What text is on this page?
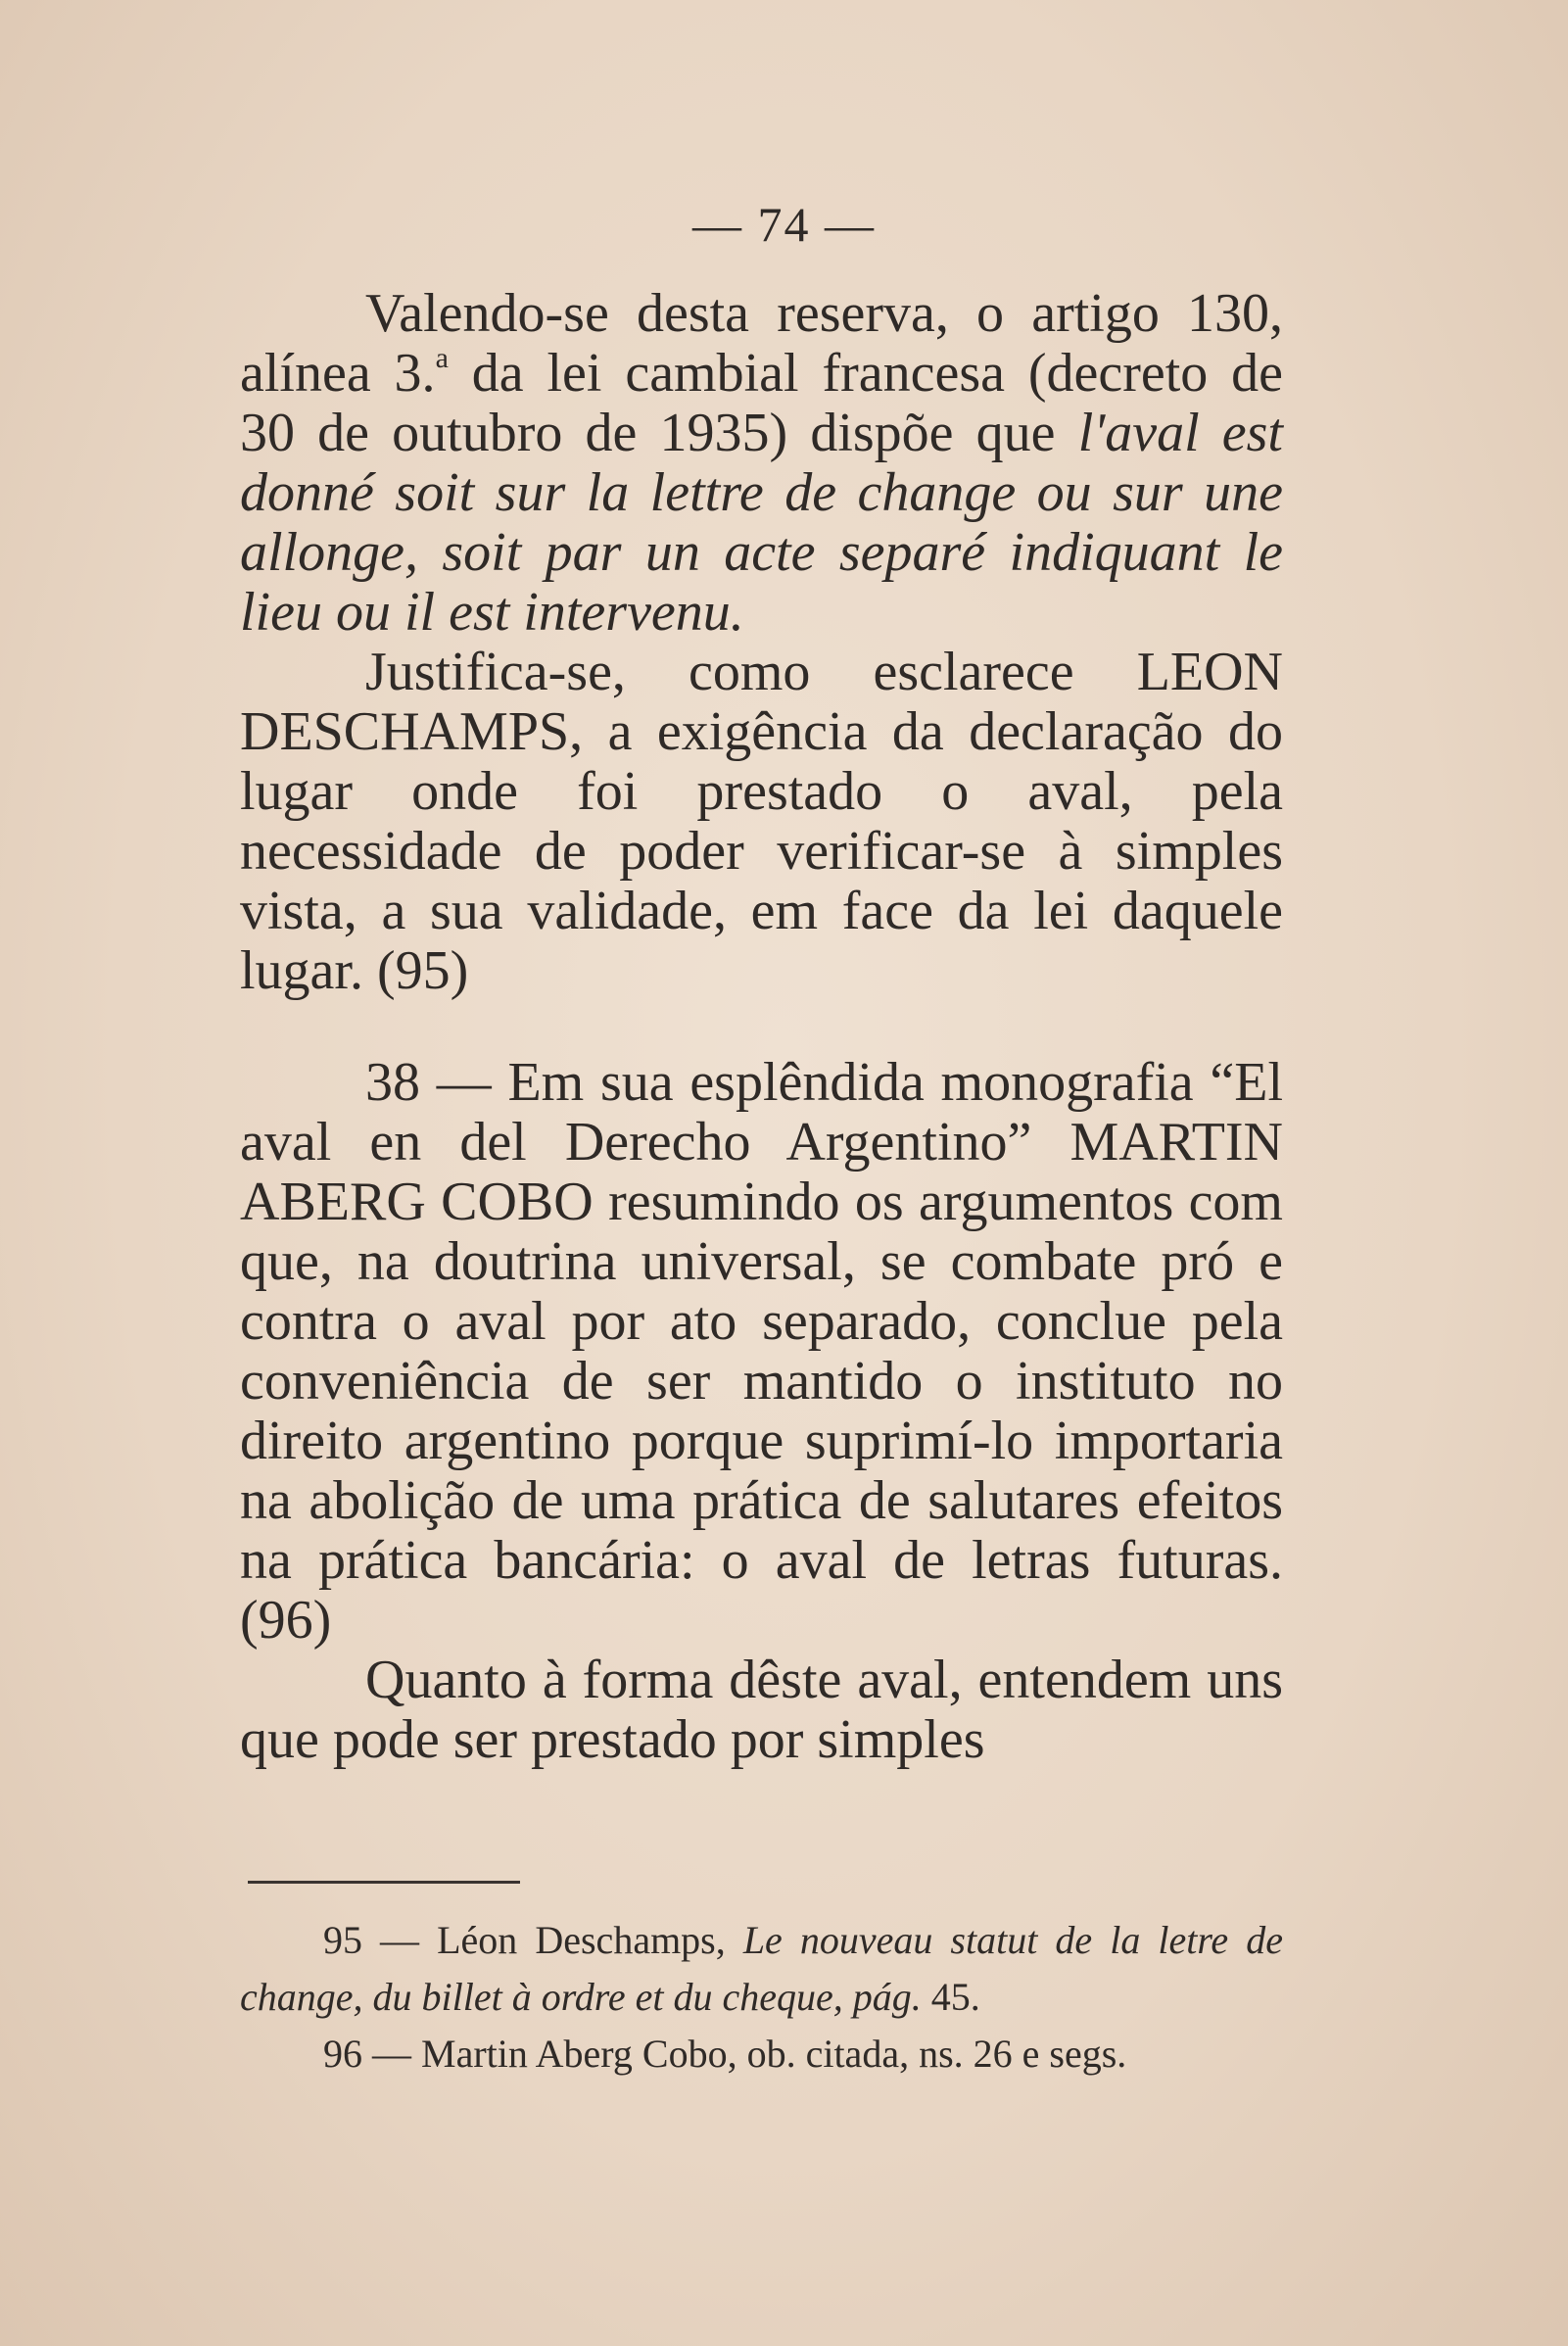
— 74 —

Valendo-se desta reserva, o artigo 130, alínea 3.$^a$ da lei cambial francesa (decreto de 30 de outubro de 1935) dispõe que l'aval est donné soit sur la lettre de change ou sur une allonge, soit par un acte separé indiquant le lieu ou il est intervenu.

Justifica-se, como esclarece LEON DESCHAMPS, a exigência da declaração do lugar onde foi prestado o aval, pela necessidade de poder verificar-se à simples vista, a sua validade, em face da lei daquele lugar. (95)

38 — Em sua esplêndida monografia “El aval en del Derecho Argentino” MARTIN ABERG COBO resumindo os argumentos com que, na doutrina universal, se combate pró e contra o aval por ato separado, conclue pela conveniência de ser mantido o instituto no direito argentino porque suprimí-lo importaria na abolição de uma prática de salutares efeitos na prática bancária: o aval de letras futuras. (96)

Quanto à forma dêste aval, entendem uns que pode ser prestado por simples

95 — Léon Deschamps, Le nouveau statut de la letre de change, du billet à ordre et du cheque, pág. 45.

96 — Martin Aberg Cobo, ob. citada, ns. 26 e segs.
